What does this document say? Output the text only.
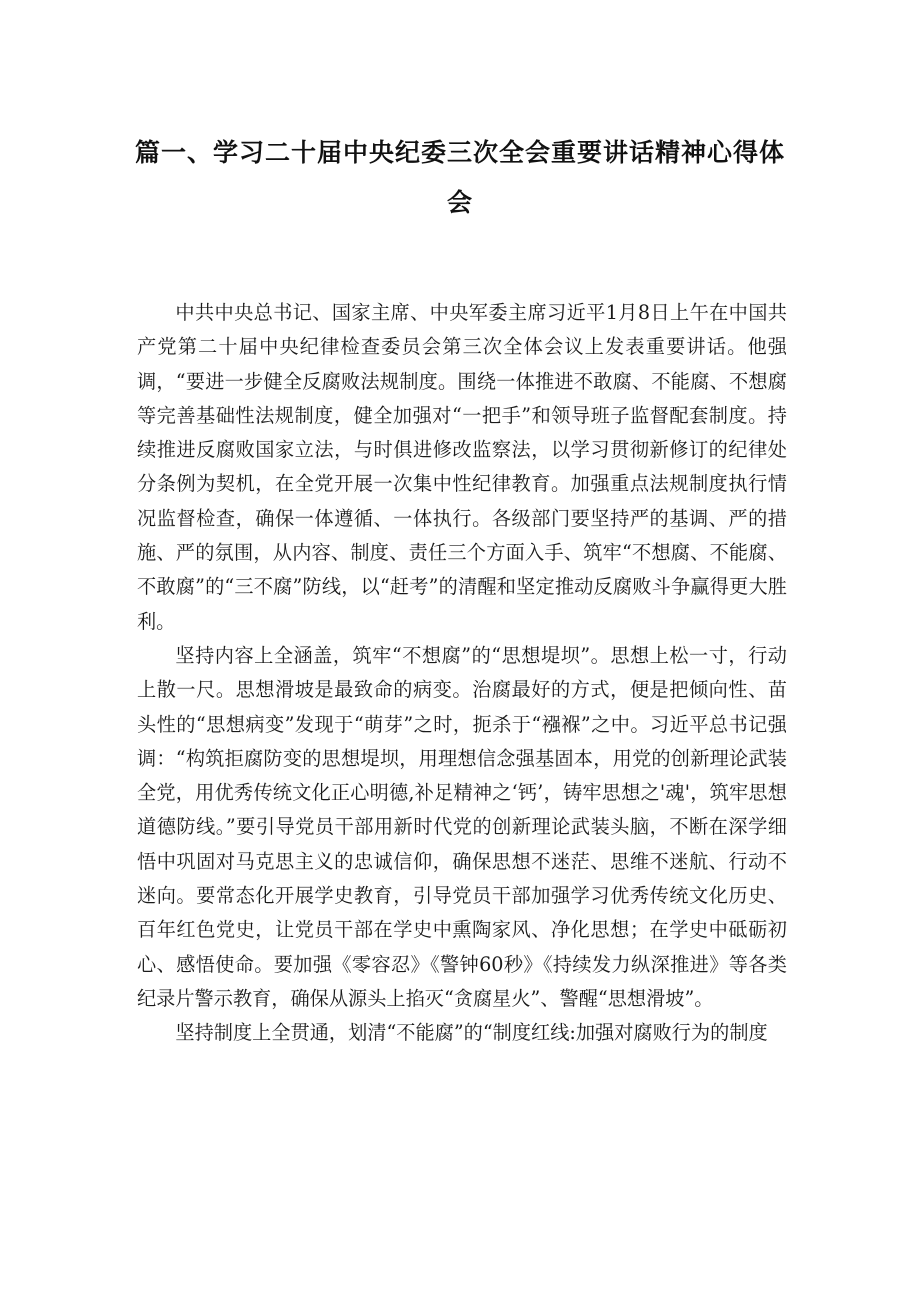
篇一、学习二十届中央纪委三次全会重要讲话精神心得体会

中共中央总书记、国家主席、中央军委主席习近平1月8日上午在中国共产党第二十届中央纪律检查委员会第三次全体会议上发表重要讲话。他强调，“要进一步健全反腐败法规制度。围绕一体推进不敢腐、不能腐、不想腐等完善基础性法规制度，健全加强对“一把手”和领导班子监督配套制度。持续推进反腐败国家立法，与时俱进修改监察法，以学习贯彻新修订的纪律处分条例为契机，在全党开展一次集中性纪律教育。加强重点法规制度执行情况监督检查，确保一体遵循、一体执行。各级部门要坚持严的基调、严的措施、严的氛围，从内容、制度、责任三个方面入手、筑牢“不想腐、不能腐、不敢腐”的“三不腐”防线，以“赶考”的清醒和坚定推动反腐败斗争赢得更大胜利。

坚持内容上全涵盖，筑牢“不想腐”的“思想堤坝”。思想上松一寸，行动上散一尺。思想滑坡是最致命的病变。治腐最好的方式，便是把倾向性、苗头性的“思想病变”发现于“萌芽”之时，扼杀于“襁褓”之中。习近平总书记强调：“构筑拒腐防变的思想堤坝，用理想信念强基固本，用党的创新理论武装全党，用优秀传统文化正心明德,补足精神之‘钙’，铸牢思想之'魂'，筑牢思想道德防线。”要引导党员干部用新时代党的创新理论武装头脑，不断在深学细悟中巩固对马克思主义的忠诚信仰，确保思想不迷茫、思维不迷航、行动不迷向。要常态化开展学史教育，引导党员干部加强学习优秀传统文化历史、百年红色党史，让党员干部在学史中熏陶家风、净化思想；在学史中砥砺初心、感悟使命。要加强《零容忍》《警钟60秒》《持续发力纵深推进》等各类纪录片警示教育，确保从源头上掐灭“贪腐星火”、警醒“思想滑坡”。

坚持制度上全贯通，划清“不能腐”的“制度红线:加强对腐败行为的制度
